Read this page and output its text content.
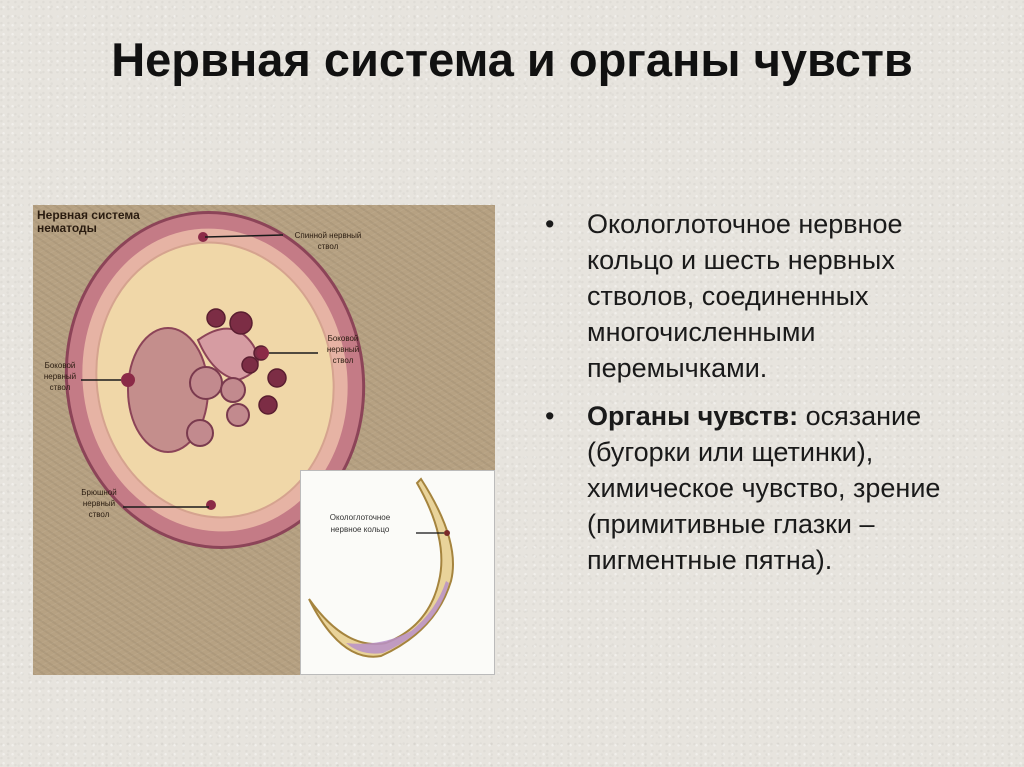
Нервная система и органы чувств
Нервная система
нематоды
Спинной нервный
ствол
Боковой
нервный
ствол
Боковой
нервный
ствол
Брюшной
нервный
ствол	Окологлоточное
нервное кольцо
• Окологлоточное нервное кольцо и шесть нервных стволов, соединенных многочисленными перемычками.
• Органы чувств: осязание (бугорки или щетинки), химическое чувство, зрение (примитивные глазки – пигментные пятна).
